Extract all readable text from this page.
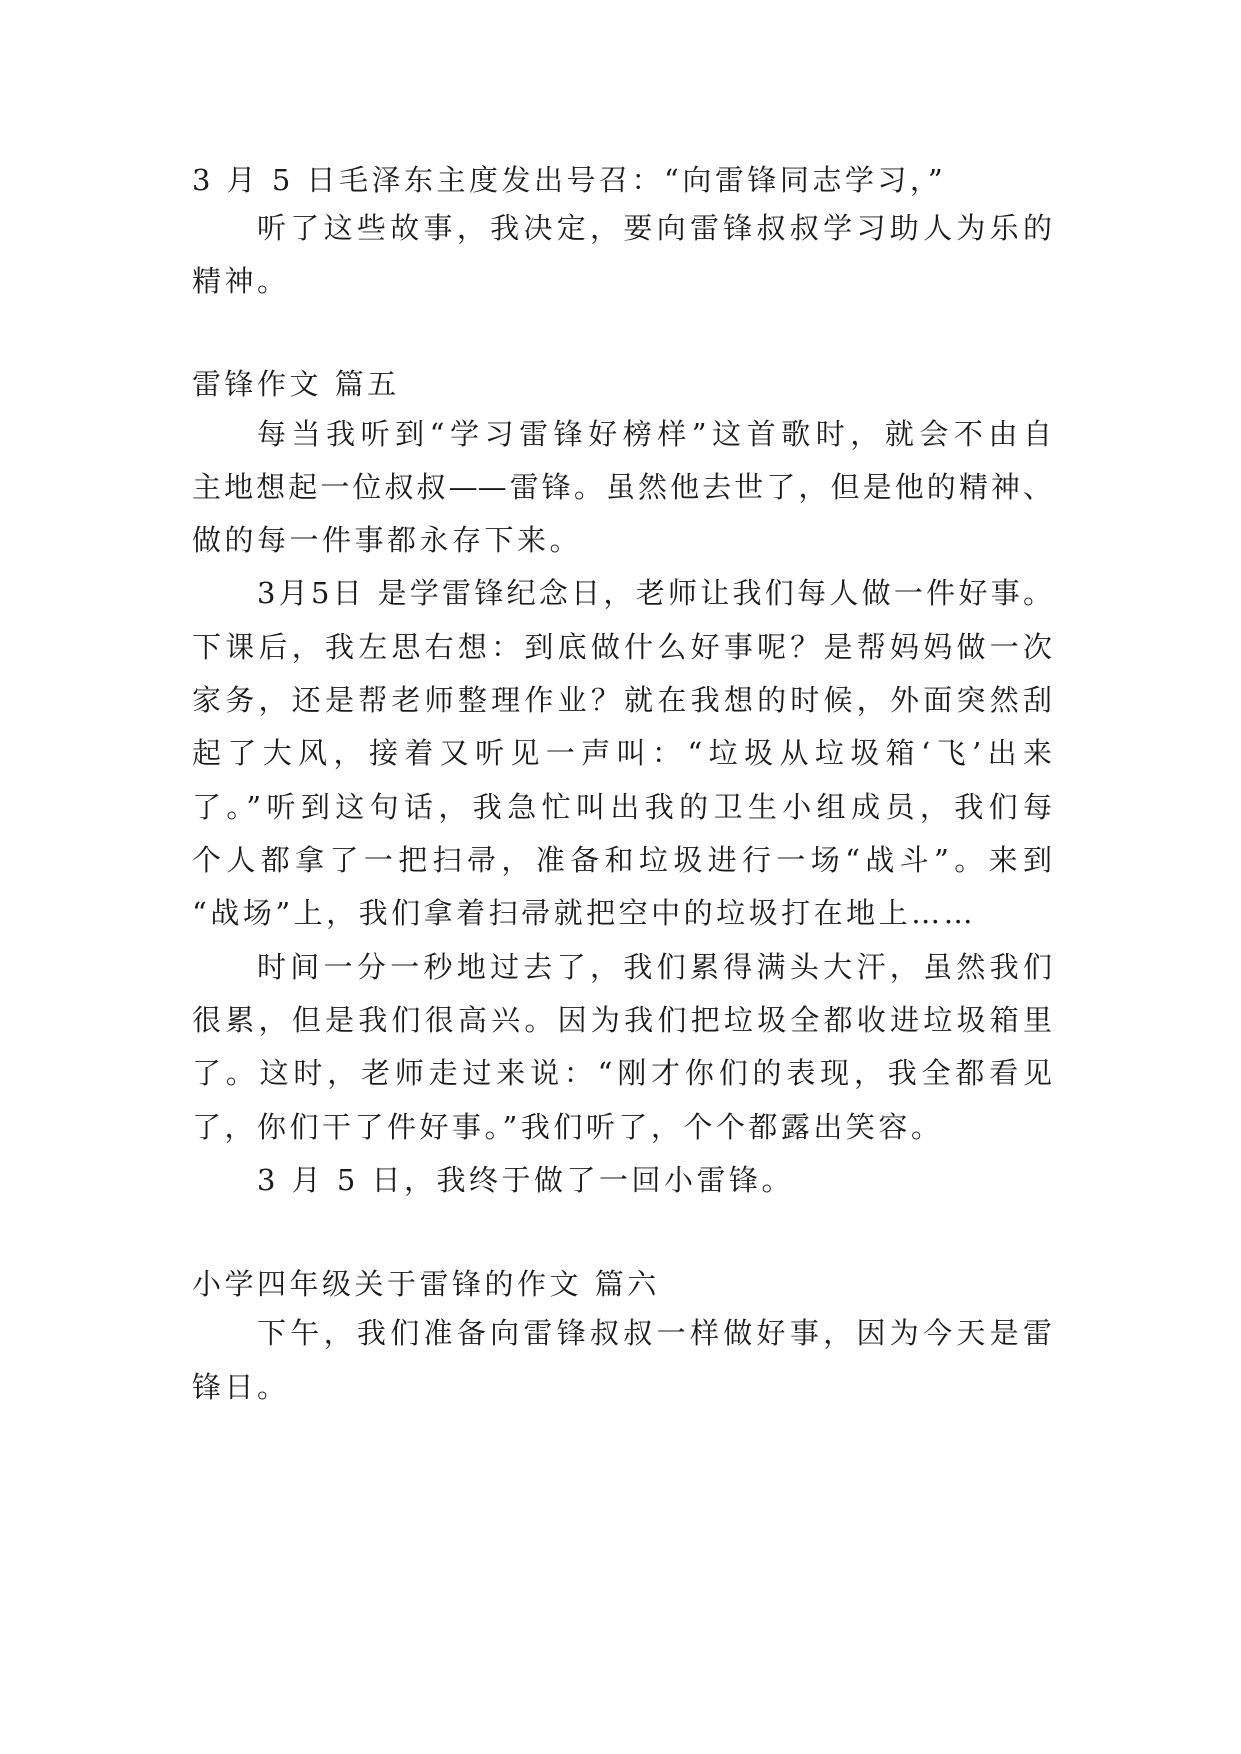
3 月 5 日毛泽东主度发出号召：“向雷锋同志学习，”
听了这些故事，我决定，要向雷锋叔叔学习助人为乐的
精神。
雷锋作文 篇五
每当我听到“学习雷锋好榜样”这首歌时，就会不由自
主地想起一位叔叔——雷锋。虽然他去世了，但是他的精神、
做的每一件事都永存下来。
3月5日 是学雷锋纪念日，老师让我们每人做一件好事。
下课后，我左思右想：到底做什么好事呢？是帮妈妈做一次
家务，还是帮老师整理作业？就在我想的时候，外面突然刮
起了大风，接着又听见一声叫：“垃圾从垃圾箱‘飞’出来
了。”听到这句话，我急忙叫出我的卫生小组成员，我们每
个人都拿了一把扫帚，准备和垃圾进行一场“战斗”。来到
“战场”上，我们拿着扫帚就把空中的垃圾打在地上……
时间一分一秒地过去了，我们累得满头大汗，虽然我们
很累，但是我们很高兴。因为我们把垃圾全都收进垃圾箱里
了。这时，老师走过来说：“刚才你们的表现，我全都看见
了，你们干了件好事。”我们听了，个个都露出笑容。
3 月 5 日，我终于做了一回小雷锋。
小学四年级关于雷锋的作文 篇六
下午，我们准备向雷锋叔叔一样做好事，因为今天是雷
锋日。
